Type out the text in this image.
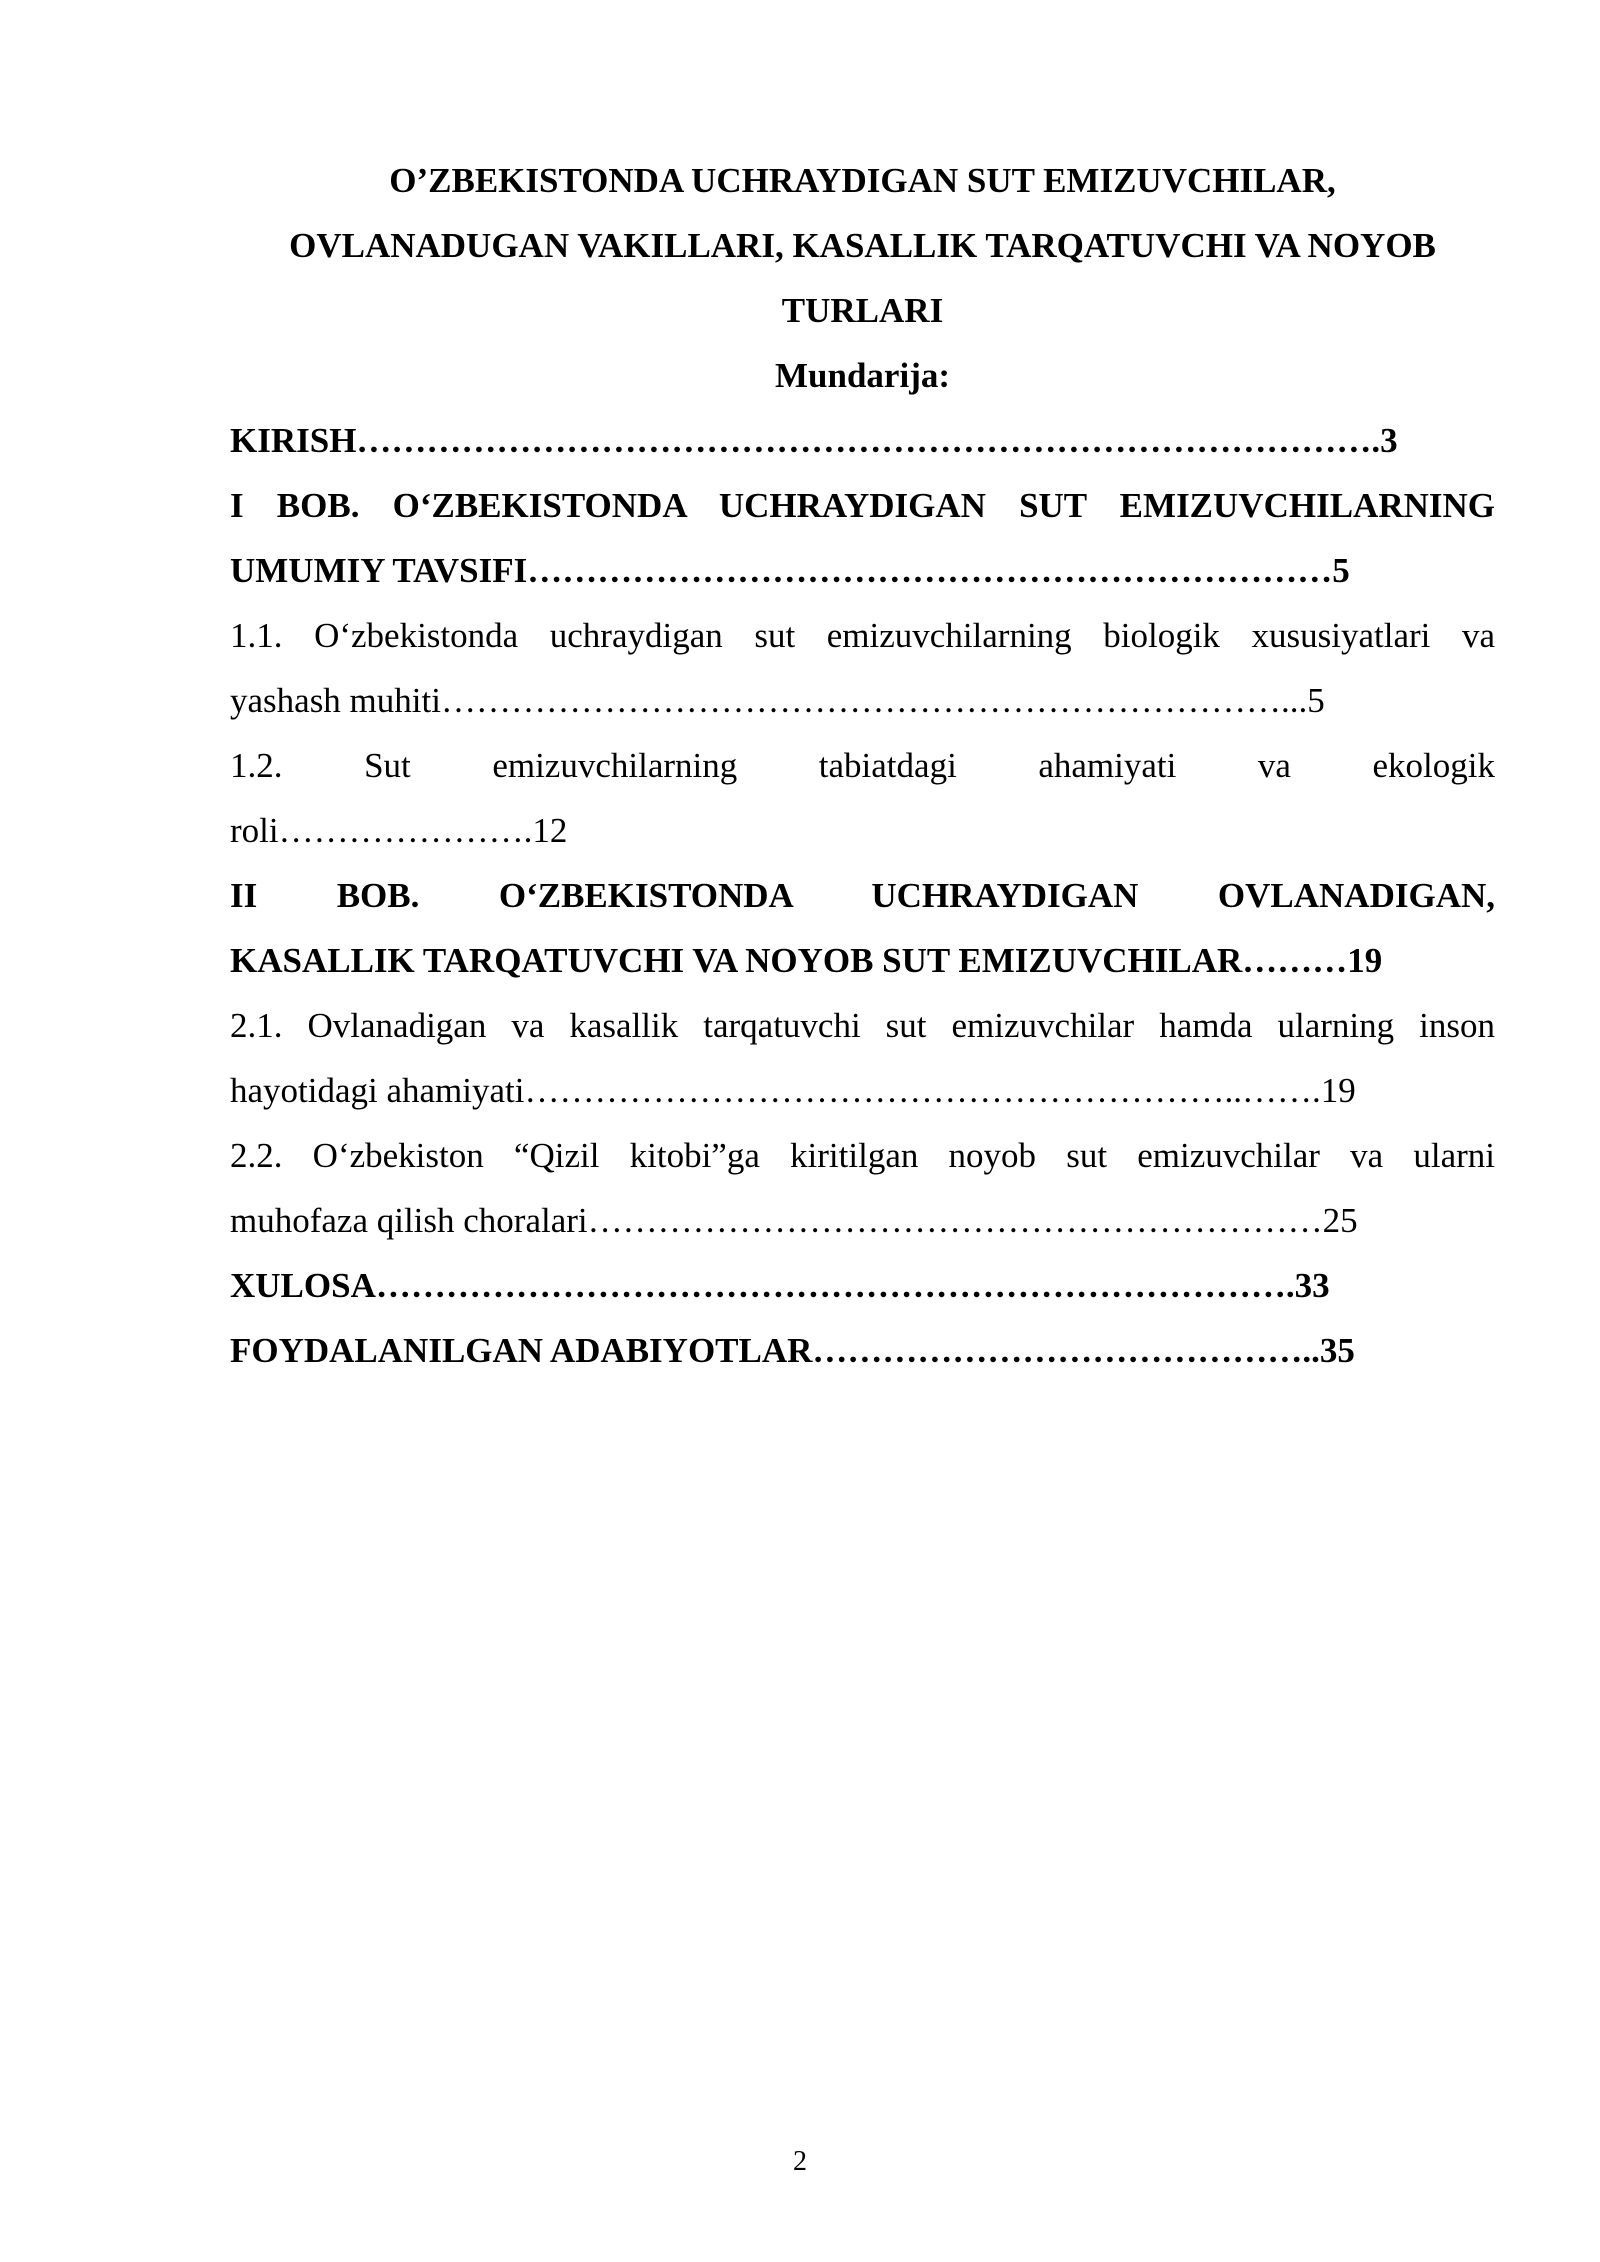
O’ZBEKISTONDA UCHRAYDIGAN SUT EMIZUVCHILAR,
OVLANADUGAN VAKILLARI, KASALLIK TARQATUVCHI VA NOYOB
TURLARI
Mundarija:
KIRISH…………………………………………………………………………….3
I BOB. O‘ZBEKISTONDA UCHRAYDIGAN SUT EMIZUVCHILARNING
UMUMIY TAVSIFI……………………………………………………………5
1.1. O‘zbekistonda uchraydigan sut emizuvchilarning biologik xususiyatlari va
yashash muhiti………………………………………………………………...5
1.2. Sut emizuvchilarning tabiatdagi ahamiyati va ekologik
roli………………….12
II BOB. O‘ZBEKISTONDA UCHRAYDIGAN OVLANADIGAN,
KASALLIK TARQATUVCHI VA NOYOB SUT EMIZUVCHILAR………19
2.1. Ovlanadigan va kasallik tarqatuvchi sut emizuvchilar hamda ularning inson
hayotidagi ahamiyati……………………………………………………..…….19
2.2. O‘zbekiston “Qizil kitobi”ga kiritilgan noyob sut emizuvchilar va ularni
muhofaza qilish choralari………………………………………………………25
XULOSA…………………………………………………………………….33
FOYDALANILGAN ADABIYOTLAR……………………………………..35
2
